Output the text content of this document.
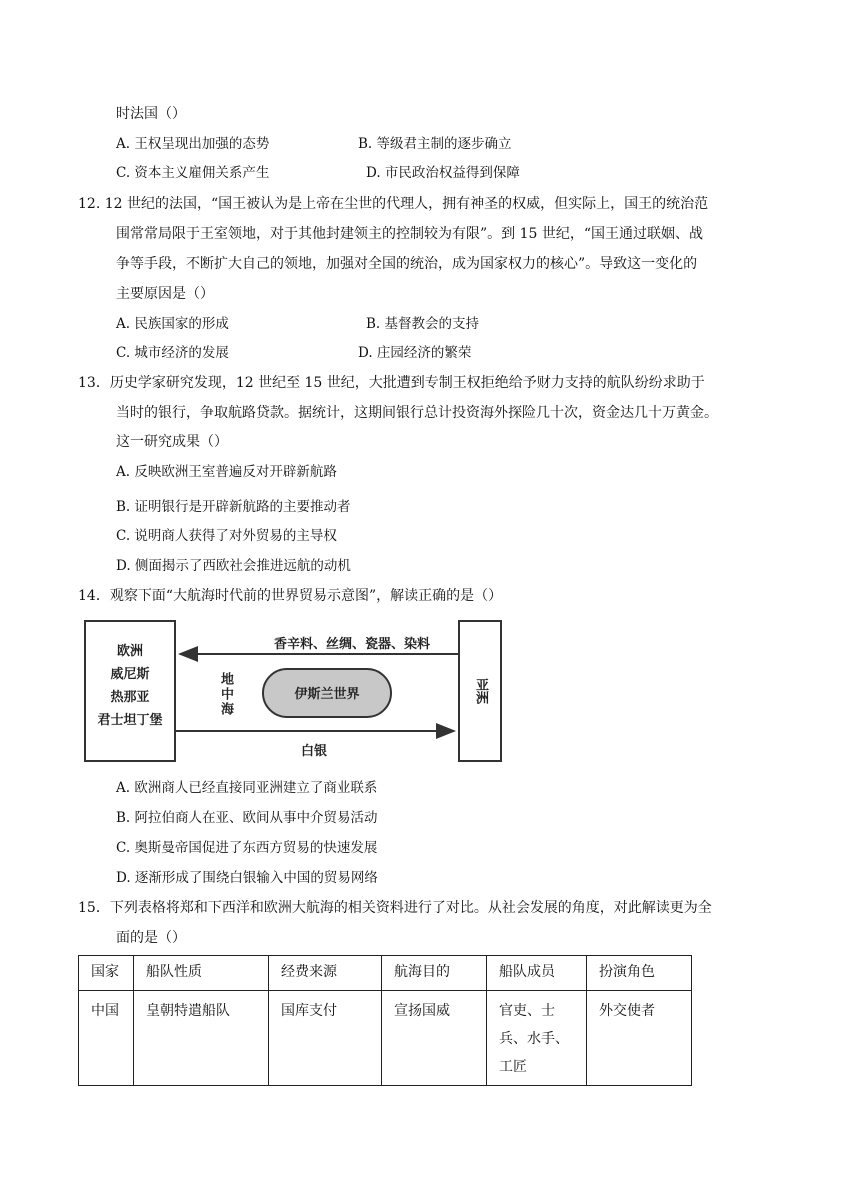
时法国（）
A. 王权呈现出加强的态势	B. 等级君主制的逐步确立
C. 资本主义雇佣关系产生	D. 市民政治权益得到保障
12. 12 世纪的法国，“国王被认为是上帝在尘世的代理人，拥有神圣的权威，但实际上，国王的统治范
围常常局限于王室领地，对于其他封建领主的控制较为有限”。到 15 世纪，“国王通过联姻、战
争等手段，不断扩大自己的领地，加强对全国的统治，成为国家权力的核心”。导致这一变化的
主要原因是（）
A. 民族国家的形成	B. 基督教会的支持
C. 城市经济的发展	D. 庄园经济的繁荣
13．历史学家研究发现，12 世纪至 15 世纪，大批遭到专制王权拒绝给予财力支持的航队纷纷求助于
当时的银行，争取航路贷款。据统计，这期间银行总计投资海外探险几十次，资金达几十万黄金。
这一研究成果（）
A. 反映欧洲王室普遍反对开辟新航路
B. 证明银行是开辟新航路的主要推动者
C. 说明商人获得了对外贸易的主导权
D. 侧面揭示了西欧社会推进远航的动机
14．观察下面“大航海时代前的世界贸易示意图”，解读正确的是（）
欧洲
威尼斯
热那亚
君士坦丁堡
亚洲
香辛料、丝绸、瓷器、染料
地中海	伊斯兰世界
白银
A. 欧洲商人已经直接同亚洲建立了商业联系
B. 阿拉伯商人在亚、欧间从事中介贸易活动
C. 奥斯曼帝国促进了东西方贸易的快速发展
D. 逐渐形成了围绕白银输入中国的贸易网络
15．下列表格将郑和下西洋和欧洲大航海的相关资料进行了对比。从社会发展的角度，对此解读更为全
面的是（）
国家	船队性质	经费来源	航海目的	船队成员	扮演角色
中国	皇朝特遣船队	国库支付	宣扬国威	官吏、士兵、水手、工匠	外交使者
